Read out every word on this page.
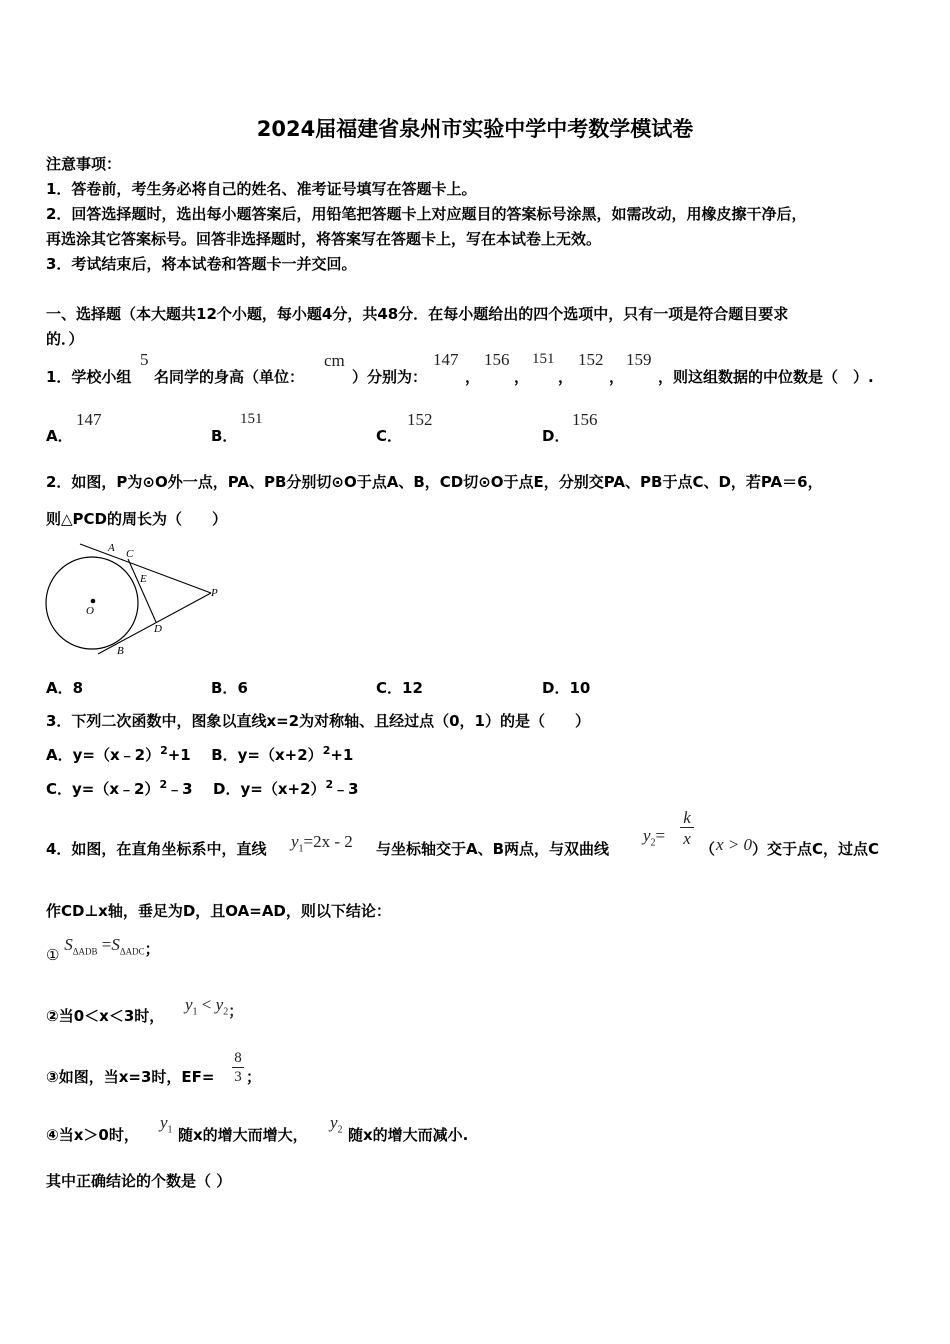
2024届福建省泉州市实验中学中考数学模试卷
注意事项：
1．答卷前，考生务必将自己的姓名、准考证号填写在答题卡上。
2．回答选择题时，选出每小题答案后，用铅笔把答题卡上对应题目的答案标号涂黑，如需改动，用橡皮擦干净后，
再选涂其它答案标号。回答非选择题时，将答案写在答题卡上，写在本试卷上无效。
3．考试结束后，将本试卷和答题卡一并交回。
一、选择题（本大题共12个小题，每小题4分，共48分．在每小题给出的四个选项中，只有一项是符合题目要求
的．）
1．学校小组
5
名同学的身高（单位：
cm
）分别为：
147
，
156
，
151
，
152
，
159
，则这组数据的中位数是（　）.
A．
147
B．
151
C．
152
D．
156
2．如图，P为⊙O外一点，PA、PB分别切⊙O于点A、B，CD切⊙O于点E，分别交PA、PB于点C、D，若PA＝6，
则△PCD的周长为（　　）
A C
E
O
P
D
B
A．8	B．6	C．12	D．10
3．下列二次函数中，图象以直线x=2为对称轴、且经过点（0，1）的是（　　）
A．y=（x﹣2）$^2$+1 B．$y=(x+2)^2+1$
C．y=（x﹣2）$^2$﹣3 D．$y=(x+2)^2﹣3$
4．如图，在直角坐标系中，直线 $y_1=2x - 2$ 与坐标轴交于A、B两点，与双曲线
$y_2=$
k
x
（ x > 0 ）交于点C，过点C
作CD⊥x轴，垂足为D，且OA=AD，则以下结论：
① $S_{\Delta ADB} =S_{\Delta ADC}$；
②当0＜x＜3时，
$y_1 < y_2$；
③如图，当x=3时，EF=
8
3 ；
④当x＞0时，
$y_1$ 随x的增大而增大，
$y_2$ 随x的增大而减小.
其中正确结论的个数是（ ）
